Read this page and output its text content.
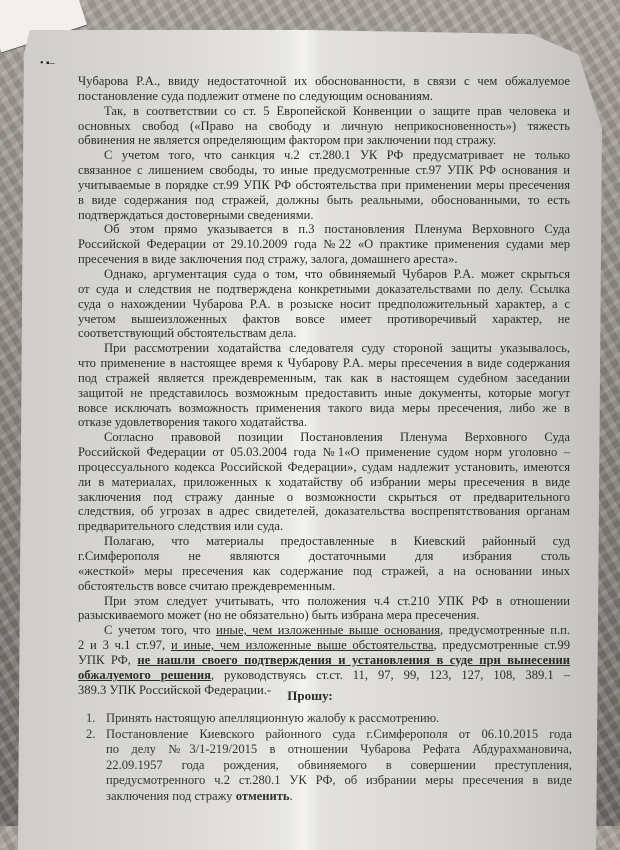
• ▪–
Чубарова Р.А., ввиду недостаточной их обоснованности, в связи с чем обжалуемое
постановление суда подлежит отмене по следующим основаниям.
Так, в соответствии со ст. 5 Европейской Конвенции о защите прав человека и
основных свобод («Право на свободу и личную неприкосновенность») тяжесть
обвинения не является определяющим фактором при заключении под стражу.
С учетом того, что санкция ч.2 ст.280.1 УК РФ предусматривает не только
связанное с лишением свободы, то иные предусмотренные ст.97 УПК РФ основания и
учитываемые в порядке ст.99 УПК РФ обстоятельства при применении меры пресечения
в виде содержания под стражей, должны быть реальными, обоснованными, то есть
подтверждаться достоверными сведениями.
Об этом прямо указывается в п.3 постановления Пленума Верховного Суда
Российской Федерации от 29.10.2009 года №22 «О практике применения судами мер
пресечения в виде заключения под стражу, залога, домашнего ареста».
Однако, аргументация суда о том, что обвиняемый Чубаров Р.А. может скрыться
от суда и следствия не подтверждена конкретными доказательствами по делу. Ссылка
суда о нахождении Чубарова Р.А. в розыске носит предположительный характер, а с
учетом вышеизложенных фактов вовсе имеет противоречивый характер, не
соответствующий обстоятельствам дела.
При рассмотрении ходатайства следователя суду стороной защиты указывалось,
что применение в настоящее время к Чубарову Р.А. меры пресечения в виде содержания
под стражей является преждевременным, так как в настоящем судебном заседании
защитой не представилось возможным предоставить иные документы, которые могут
вовсе исключать возможность применения такого вида меры пресечения, либо же в
отказе удовлетворения такого ходатайства.
Согласно правовой позиции Постановления Пленума Верховного Суда
Российской Федерации от 05.03.2004 года №1«О применение судом норм уголовно –
процессуального кодекса Российской Федерации», судам надлежит установить, имеются
ли в материалах, приложенных к ходатайству об избрании меры пресечения в виде
заключения под стражу данные о возможности скрыться от предварительного
следствия, об угрозах в адрес свидетелей, доказательства воспрепятствования органам
предварительного следствия или суда.
Полагаю, что материалы предоставленные в Киевский районный суд
г.Симферополя не являются достаточными для избрания столь
«жесткой» меры пресечения как содержание под стражей, а на основании иных
обстоятельств вовсе считаю преждевременным.
При этом следует учитывать, что положения ч.4 ст.210 УПК РФ в отношении
разыскиваемого может (но не обязательно) быть избрана мера пресечения.
С учетом того, что иные, чем изложенные выше основания, предусмотренные п.п.
2 и 3 ч.1 ст.97, и иные, чем изложенные выше обстоятельства, предусмотренные ст.99
УПК РФ, не нашли своего подтверждения и установления в суде при вынесении
обжалуемого решения, руководствуясь ст.ст. 11, 97, 99, 123, 127, 108, 389.1 –
389.3 УПК Российской Федерации.-	Прошу:
1. Принять настоящую апелляционную жалобу к рассмотрению.
2. Постановление Киевского районного суда г.Симферополя от 06.10.2015 года
по делу №3/1-219/2015 в отношении Чубарова Рефата Абдурахмановича,
22.09.1957 года рождения, обвиняемого в совершении преступления,
предусмотренного ч.2 ст.280.1 УК РФ, об избрании меры пресечения в виде
заключения под стражу отменить.
